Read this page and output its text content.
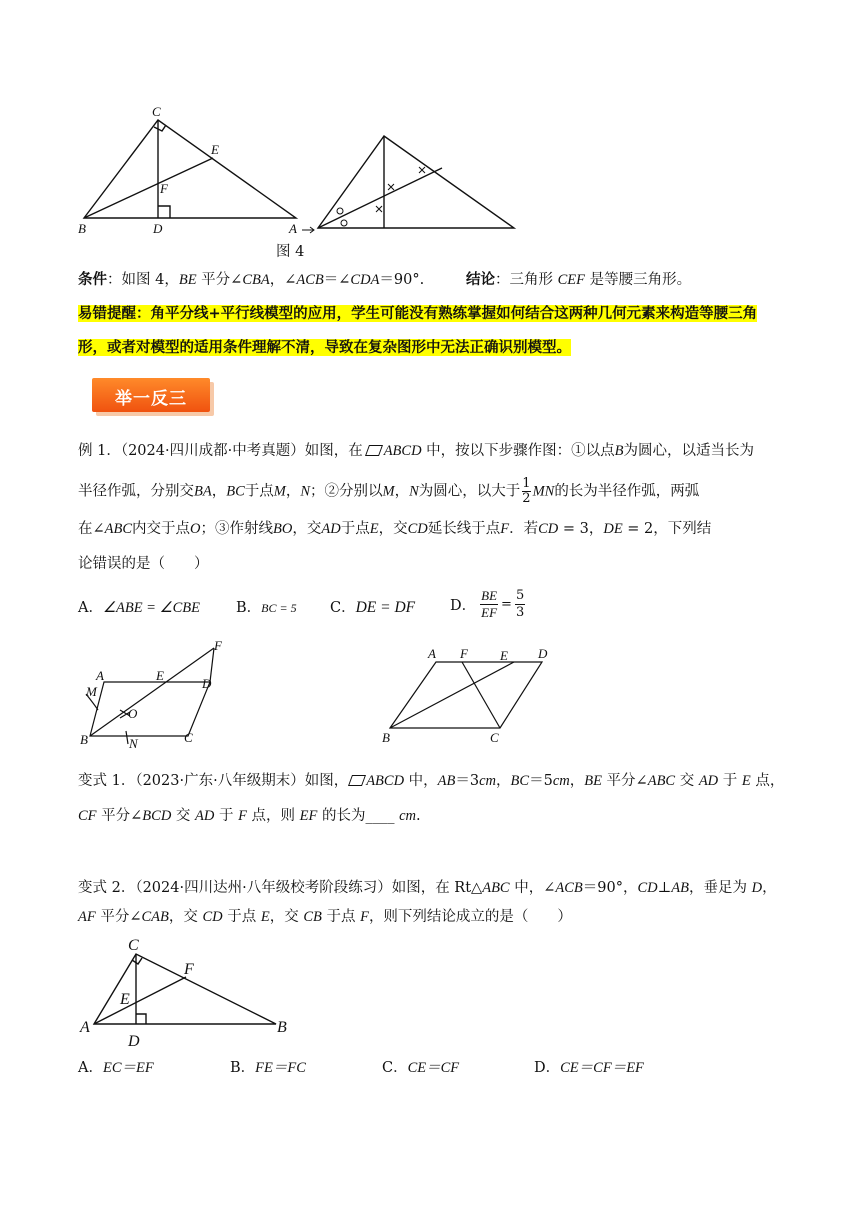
C
E
F
B	D	A
图 4
条件：如图 4，BE 平分∠CBA，∠ACB＝∠CDA＝90°.	结论：三角形 CEF 是等腰三角形。
易错提醒：角平分线+平行线模型的应用，学生可能没有熟练掌握如何结合这两种几何元素来构造等腰三角
形，或者对模型的适用条件理解不清，导致在复杂图形中无法正确识别模型。
举一反三
例 1．（2024·四川成都·中考真题）如图，在 ABCD 中，按以下步骤作图：①以点B为圆心，以适当长为
半径作弧，分别交BA，BC于点M，N；②分别以M，N为圆心，以大于 $\frac{1}{2}$ MN的长为半径作弧，两弧
在∠ABC内交于点O；③作射线BO，交AD于点E，交CD延长线于点F．若CD = 3，DE = 2，下列结
论错误的是（　　）
A．∠ABE = ∠CBE B．BC = 5 C．DE = DF D． $\frac{BE}{EF} = \frac{5}{3}$
F
A	E
D
M
O
B	N	C
A F E D
B	C
变式 1．（2023·广东·八年级期末）如图， ABCD 中，AB＝3cm，BC＝5cm，BE 平分∠ABC 交 AD 于 E 点，
CF 平分∠BCD 交 AD 于 F 点，则 EF 的长为____ cm.
变式 2．（2024·四川达州·八年级校考阶段练习）如图，在 Rt△ABC 中，∠ACB＝90°，CD⊥AB，垂足为 D，
AF 平分∠CAB，交 CD 于点 E，交 CB 于点 F，则下列结论成立的是（　　）
C
F
E
A
D
B
A．EC＝EF	B．FE＝FC	C．CE＝CF	D．CE＝CF＝EF
